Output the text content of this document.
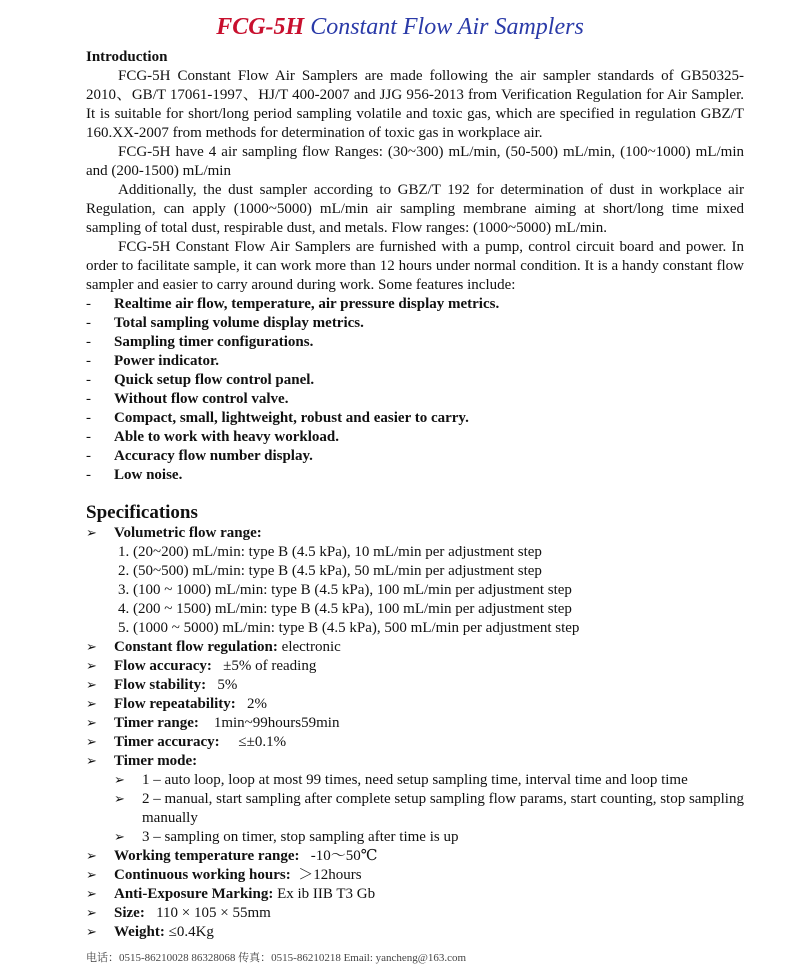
FCG-5H Constant Flow Air Samplers

Introduction

FCG-5H Constant Flow Air Samplers are made following the air sampler standards of GB50325-2010、GB/T 17061-1997、HJ/T 400-2007 and JJG 956-2013 from Verification Regulation for Air Sampler. It is suitable for short/long period sampling volatile and toxic gas, which are specified in regulation GBZ/T 160.XX-2007 from methods for determination of toxic gas in workplace air.

FCG-5H have 4 air sampling flow Ranges: (30~300) mL/min, (50-500) mL/min, (100~1000) mL/min and (200-1500) mL/min

Additionally, the dust sampler according to GBZ/T 192 for determination of dust in workplace air Regulation, can apply (1000~5000) mL/min air sampling membrane aiming at short/long time mixed sampling of total dust, respirable dust, and metals. Flow ranges: (1000~5000) mL/min.

FCG-5H Constant Flow Air Samplers are furnished with a pump, control circuit board and power. In order to facilitate sample, it can work more than 12 hours under normal condition. It is a handy constant flow sampler and easier to carry around during work. Some features include:

- Realtime air flow, temperature, air pressure display metrics.
- Total sampling volume display metrics.
- Sampling timer configurations.
- Power indicator.
- Quick setup flow control panel.
- Without flow control valve.
- Compact, small, lightweight, robust and easier to carry.
- Able to work with heavy workload.
- Accuracy flow number display.
- Low noise.

Specifications

➢ Volumetric flow range:
1. (20~200) mL/min: type B (4.5 kPa), 10 mL/min per adjustment step
2. (50~500) mL/min: type B (4.5 kPa), 50 mL/min per adjustment step
3. (100 ~ 1000) mL/min: type B (4.5 kPa), 100 mL/min per adjustment step
4. (200 ~ 1500) mL/min: type B (4.5 kPa), 100 mL/min per adjustment step
5. (1000 ~ 5000) mL/min: type B (4.5 kPa), 500 mL/min per adjustment step
➢ Constant flow regulation: electronic
➢ Flow accuracy:   ±5% of reading
➢ Flow stability:   5%
➢ Flow repeatability:   2%
➢ Timer range:    1min~99hours59min
➢ Timer accuracy:     ≤±0.1%
➢ Timer mode:
➢ 1 – auto loop, loop at most 99 times, need setup sampling time, interval time and loop time
➢ 2 – manual, start sampling after complete setup sampling flow params, start counting, stop sampling manually
➢ 3 – sampling on timer, stop sampling after time is up
➢ Working temperature range:   -10～50℃
➢ Continuous working hours:  ＞12hours
➢ Anti-Exposure Marking: Ex ib IIB T3 Gb
➢ Size:   110 × 105 × 55mm
➢ Weight: ≤0.4Kg
电话：0515-86210028 86328068 传真：0515-86210218 Email: yancheng@163.com
